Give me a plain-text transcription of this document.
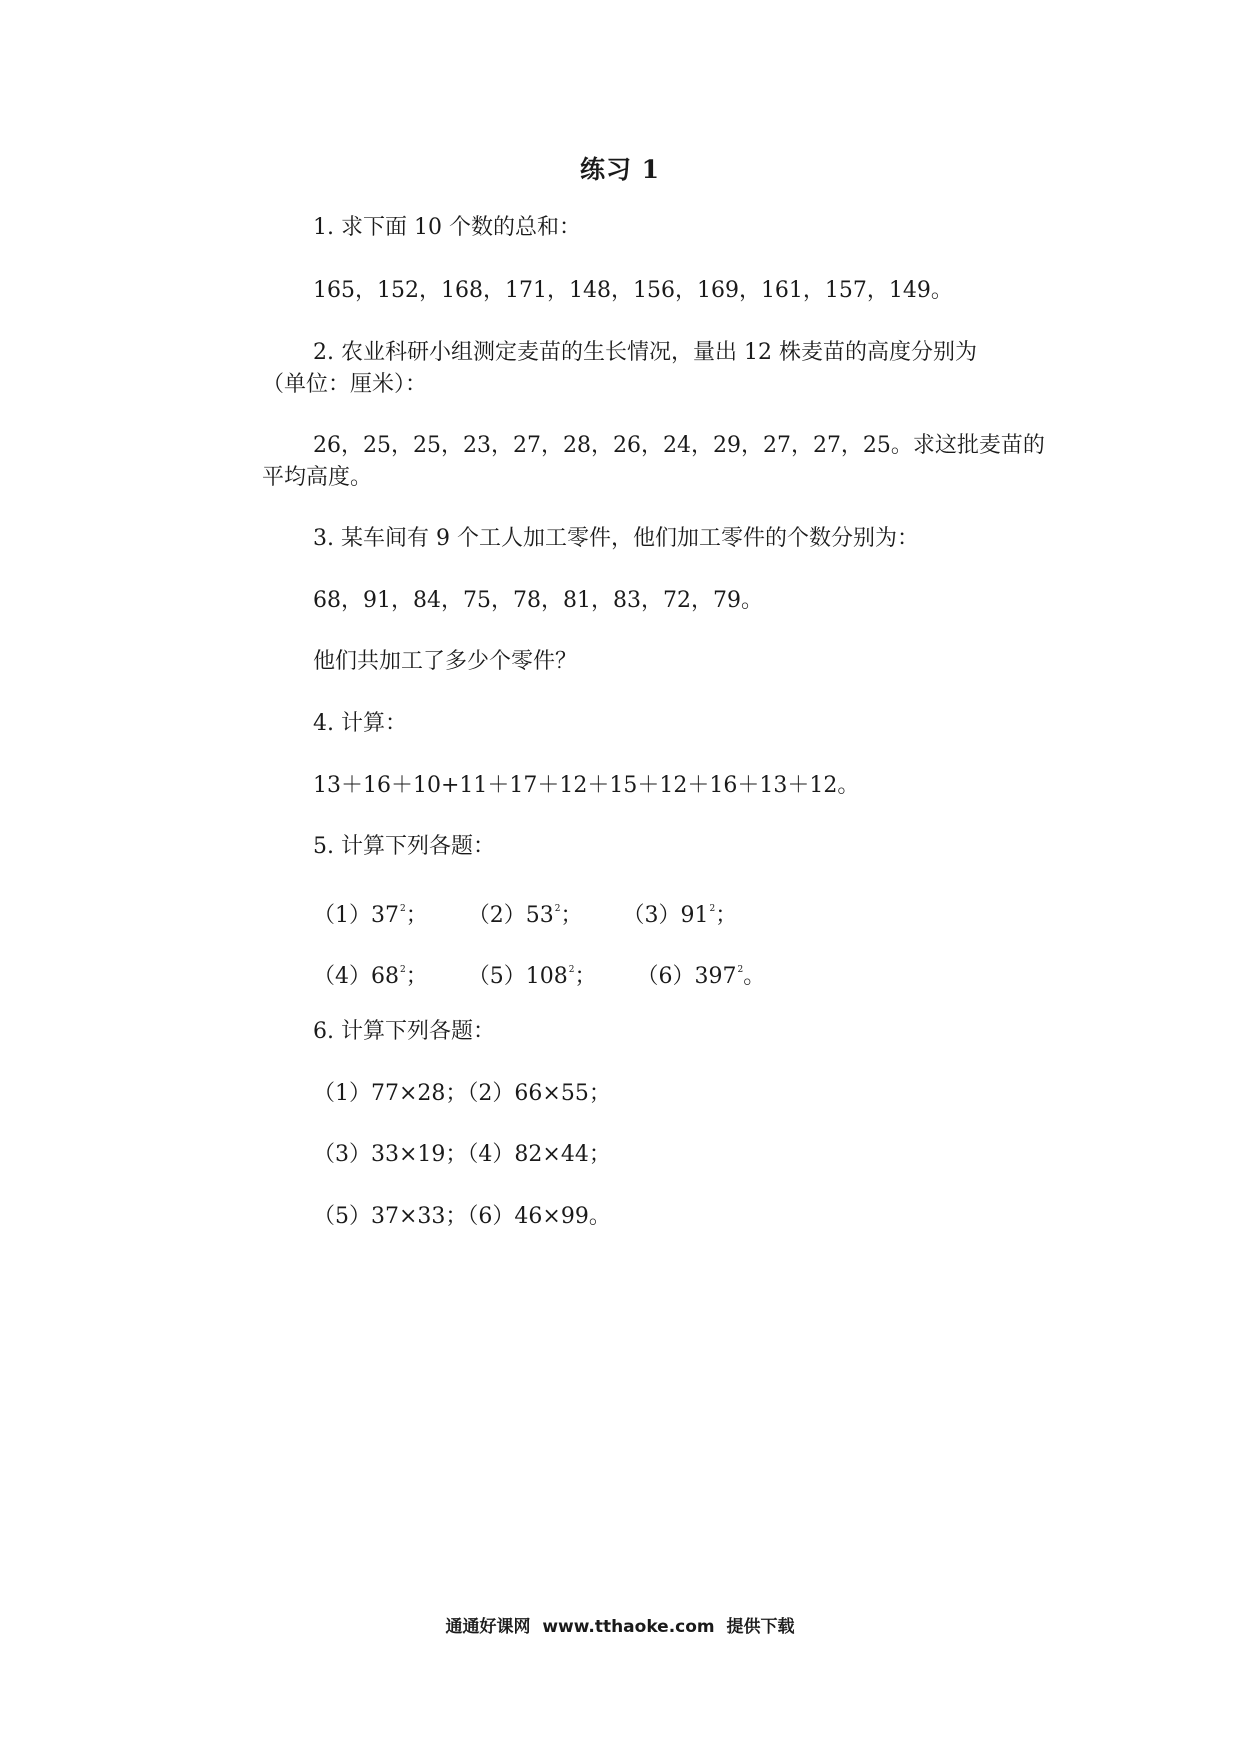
练习 1
1. 求下面 10 个数的总和：
165，152，168，171，148，156，169，161，157，149。
2. 农业科研小组测定麦苗的生长情况，量出 12 株麦苗的高度分别为
（单位：厘米）：
26，25，25，23，27，28，26，24，29，27，27，25。求这批麦苗的
平均高度。
3. 某车间有 9 个工人加工零件，他们加工零件的个数分别为：
68，91，84，75，78，81，83，72，79。
他们共加工了多少个零件？
4. 计算：
13＋16＋10+11＋17＋12＋15＋12＋16＋13＋12。
5. 计算下列各题：
$(1)37^2$； $(2)53^2$； $(3)91^2$；
$(4)68^2$； $(5)108^2$； $(6)397^2$。
6. 计算下列各题：
（1）77×28；（2）66×55；
（3）33×19；（4）82×44；
（5）37×33；（6）46×99。
通通好课网  www.tthaoke.com  提供下载
